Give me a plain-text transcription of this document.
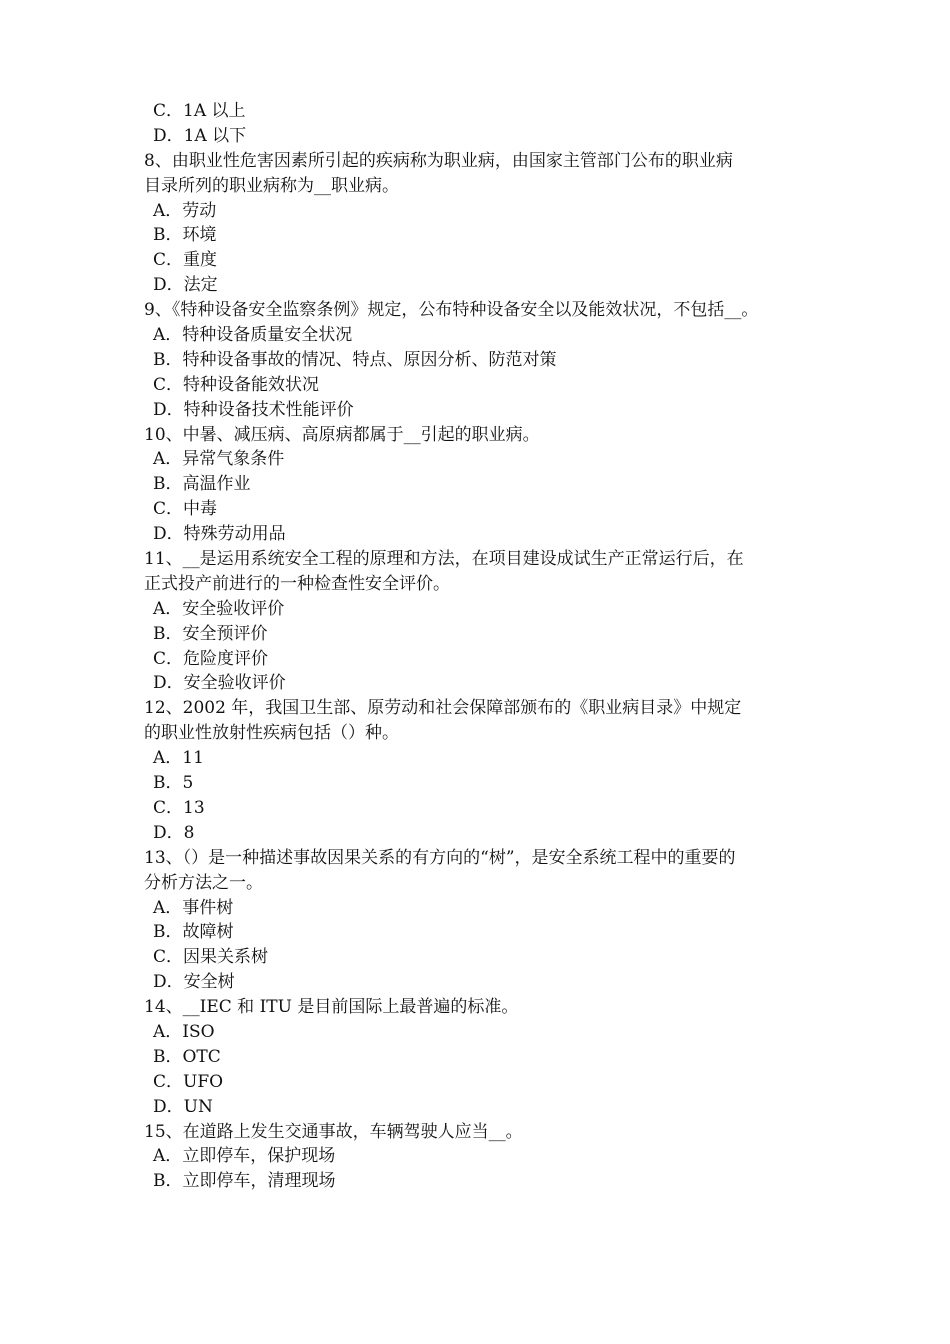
C．1A 以上
D．1A 以下
8、由职业性危害因素所引起的疾病称为职业病，由国家主管部门公布的职业病
目录所列的职业病称为__职业病。
A．劳动
B．环境
C．重度
D．法定
9、《特种设备安全监察条例》规定，公布特种设备安全以及能效状况，不包括__。
A．特种设备质量安全状况
B．特种设备事故的情况、特点、原因分析、防范对策
C．特种设备能效状况
D．特种设备技术性能评价
10、中暑、减压病、高原病都属于__引起的职业病。
A．异常气象条件
B．高温作业
C．中毒
D．特殊劳动用品
11、__是运用系统安全工程的原理和方法，在项目建设成试生产正常运行后，在
正式投产前进行的一种检查性安全评价。
A．安全验收评价
B．安全预评价
C．危险度评价
D．安全验收评价
12、2002 年，我国卫生部、原劳动和社会保障部颁布的《职业病目录》中规定
的职业性放射性疾病包括（）种。
A．11
B．5
C．13
D．8
13、（）是一种描述事故因果关系的有方向的“树”，是安全系统工程中的重要的
分析方法之一。
A．事件树
B．故障树
C．因果关系树
D．安全树
14、__IEC 和 ITU 是目前国际上最普遍的标准。
A．ISO
B．OTC
C．UFO
D．UN
15、在道路上发生交通事故，车辆驾驶人应当__。
A．立即停车，保护现场
B．立即停车，清理现场
